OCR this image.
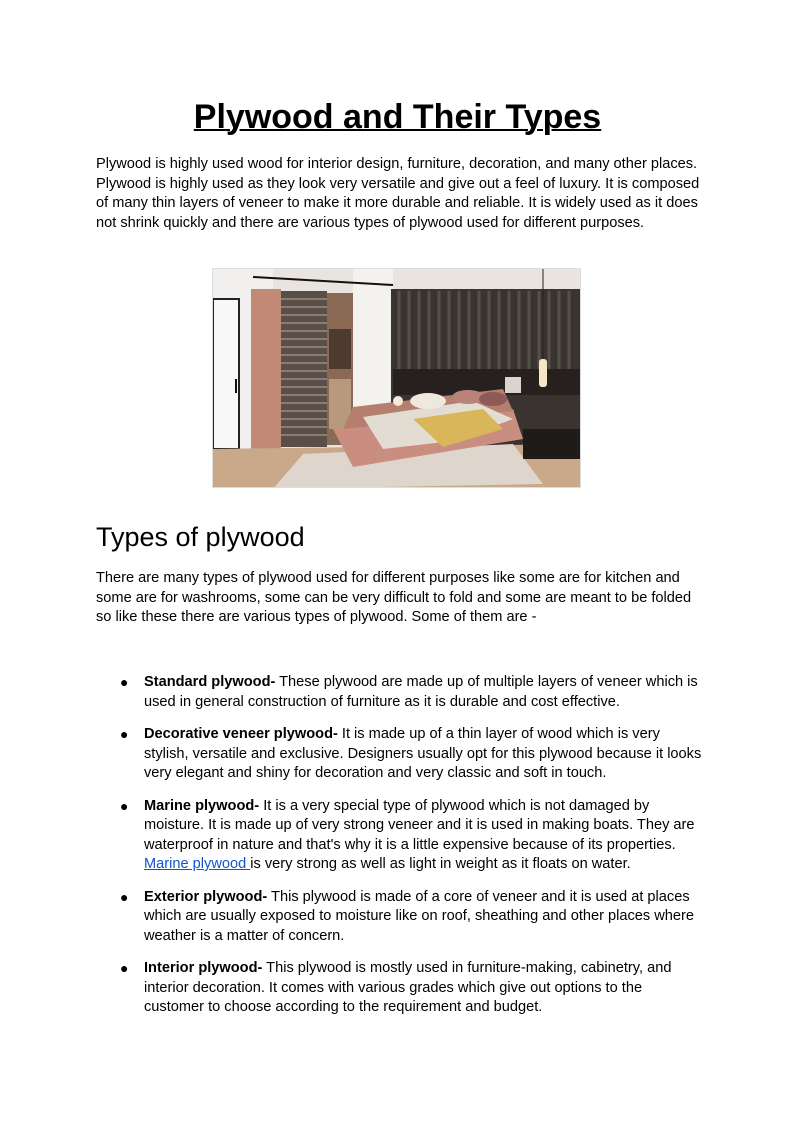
Plywood and Their Types

Plywood is highly used wood for interior design, furniture, decoration, and many other places. Plywood is highly used as they look very versatile and give out a feel of luxury. It is composed of many thin layers of veneer to make it more durable and reliable. It is widely used as it does not shrink quickly and there are various types of plywood used for different purposes.

Types of plywood

There are many types of plywood used for different purposes like some are for kitchen and some are for washrooms, some can be very difficult to fold and some are meant to be folded so like these there are various types of plywood. Some of them are -

● Standard plywood- These plywood are made up of multiple layers of veneer which is used in general construction of furniture as it is durable and cost effective.
● Decorative veneer plywood- It is made up of a thin layer of wood which is very stylish, versatile and exclusive. Designers usually opt for this plywood because it looks very elegant and shiny for decoration and very classic and soft in touch.
● Marine plywood- It is a very special type of plywood which is not damaged by moisture. It is made up of very strong veneer and it is used in making boats. They are waterproof in nature and that's why it is a little expensive because of its properties. Marine plywood is very strong as well as light in weight as it floats on water.
● Exterior plywood- This plywood is made of a core of veneer and it is used at places which are usually exposed to moisture like on roof, sheathing and other places where weather is a matter of concern.
● Interior plywood- This plywood is mostly used in furniture-making, cabinetry, and interior decoration. It comes with various grades which give out options to the customer to choose according to the requirement and budget.
